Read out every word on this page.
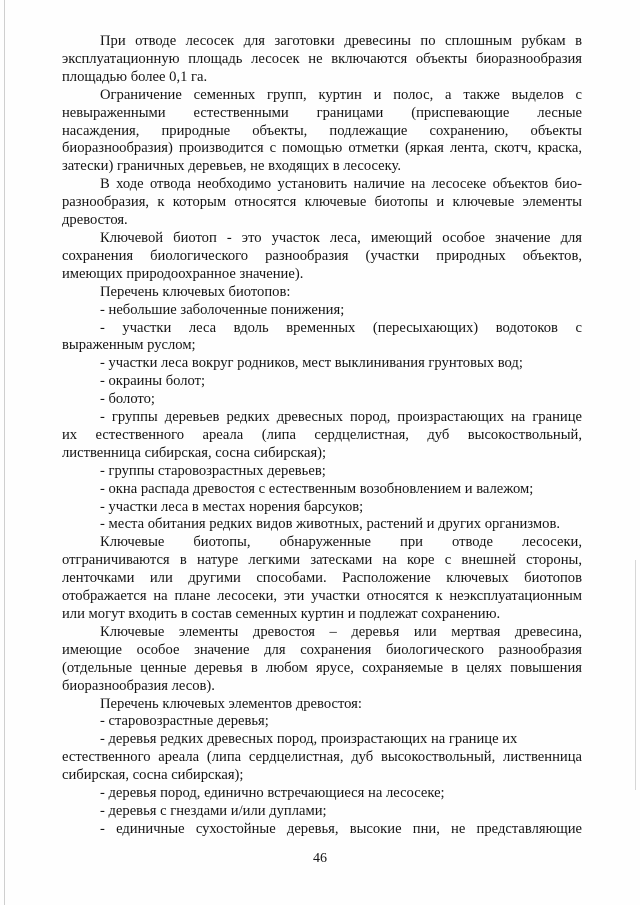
При отводе лесосек для заготовки древесины по сплошным рубкам в
эксплуатационную площадь лесосек не включаются объекты биоразнообразия
площадью более 0,1 га.
Ограничение семенных групп, куртин и полос, а также выделов с
невыраженными естественными границами (приспевающие лесные
насаждения, природные объекты, подлежащие сохранению, объекты
биоразнообразия) производится с помощью отметки (яркая лента, скотч, краска,
затески) граничных деревьев, не входящих в лесосеку.
В ходе отвода необходимо установить наличие на лесосеке объектов био-
разнообразия, к которым относятся ключевые биотопы и ключевые элементы
древостоя.
Ключевой биотоп - это участок леса, имеющий особое значение для
сохранения биологического разнообразия (участки природных объектов,
имеющих природоохранное значение).
Перечень ключевых биотопов:
- небольшие заболоченные понижения;
- участки леса вдоль временных (пересыхающих) водотоков с
выраженным руслом;
- участки леса вокруг родников, мест выклинивания грунтовых вод;
- окраины болот;
- болото;
- группы деревьев редких древесных пород, произрастающих на границе
их естественного ареала (липа сердцелистная, дуб высокоствольный,
лиственница сибирская, сосна сибирская);
- группы старовозрастных деревьев;
- окна распада древостоя с естественным возобновлением и валежом;
- участки леса в местах норения барсуков;
- места обитания редких видов животных, растений и других организмов.
Ключевые биотопы, обнаруженные при отводе лесосеки,
отграничиваются в натуре легкими затесками на коре с внешней стороны,
ленточками или другими способами. Расположение ключевых биотопов
отображается на плане лесосеки, эти участки относятся к неэксплуатационным
или могут входить в состав семенных куртин и подлежат сохранению.
Ключевые элементы древостоя – деревья или мертвая древесина,
имеющие особое значение для сохранения биологического разнообразия
(отдельные ценные деревья в любом ярусе, сохраняемые в целях повышения
биоразнообразия лесов).
Перечень ключевых элементов древостоя:
- старовозрастные деревья;
- деревья редких древесных пород, произрастающих на границе их
естественного ареала (липа сердцелистная, дуб высокоствольный, лиственница
сибирская, сосна сибирская);
- деревья пород, единично встречающиеся на лесосеке;
- деревья с гнездами и/или дуплами;
- единичные сухостойные деревья, высокие пни, не представляющие
46
